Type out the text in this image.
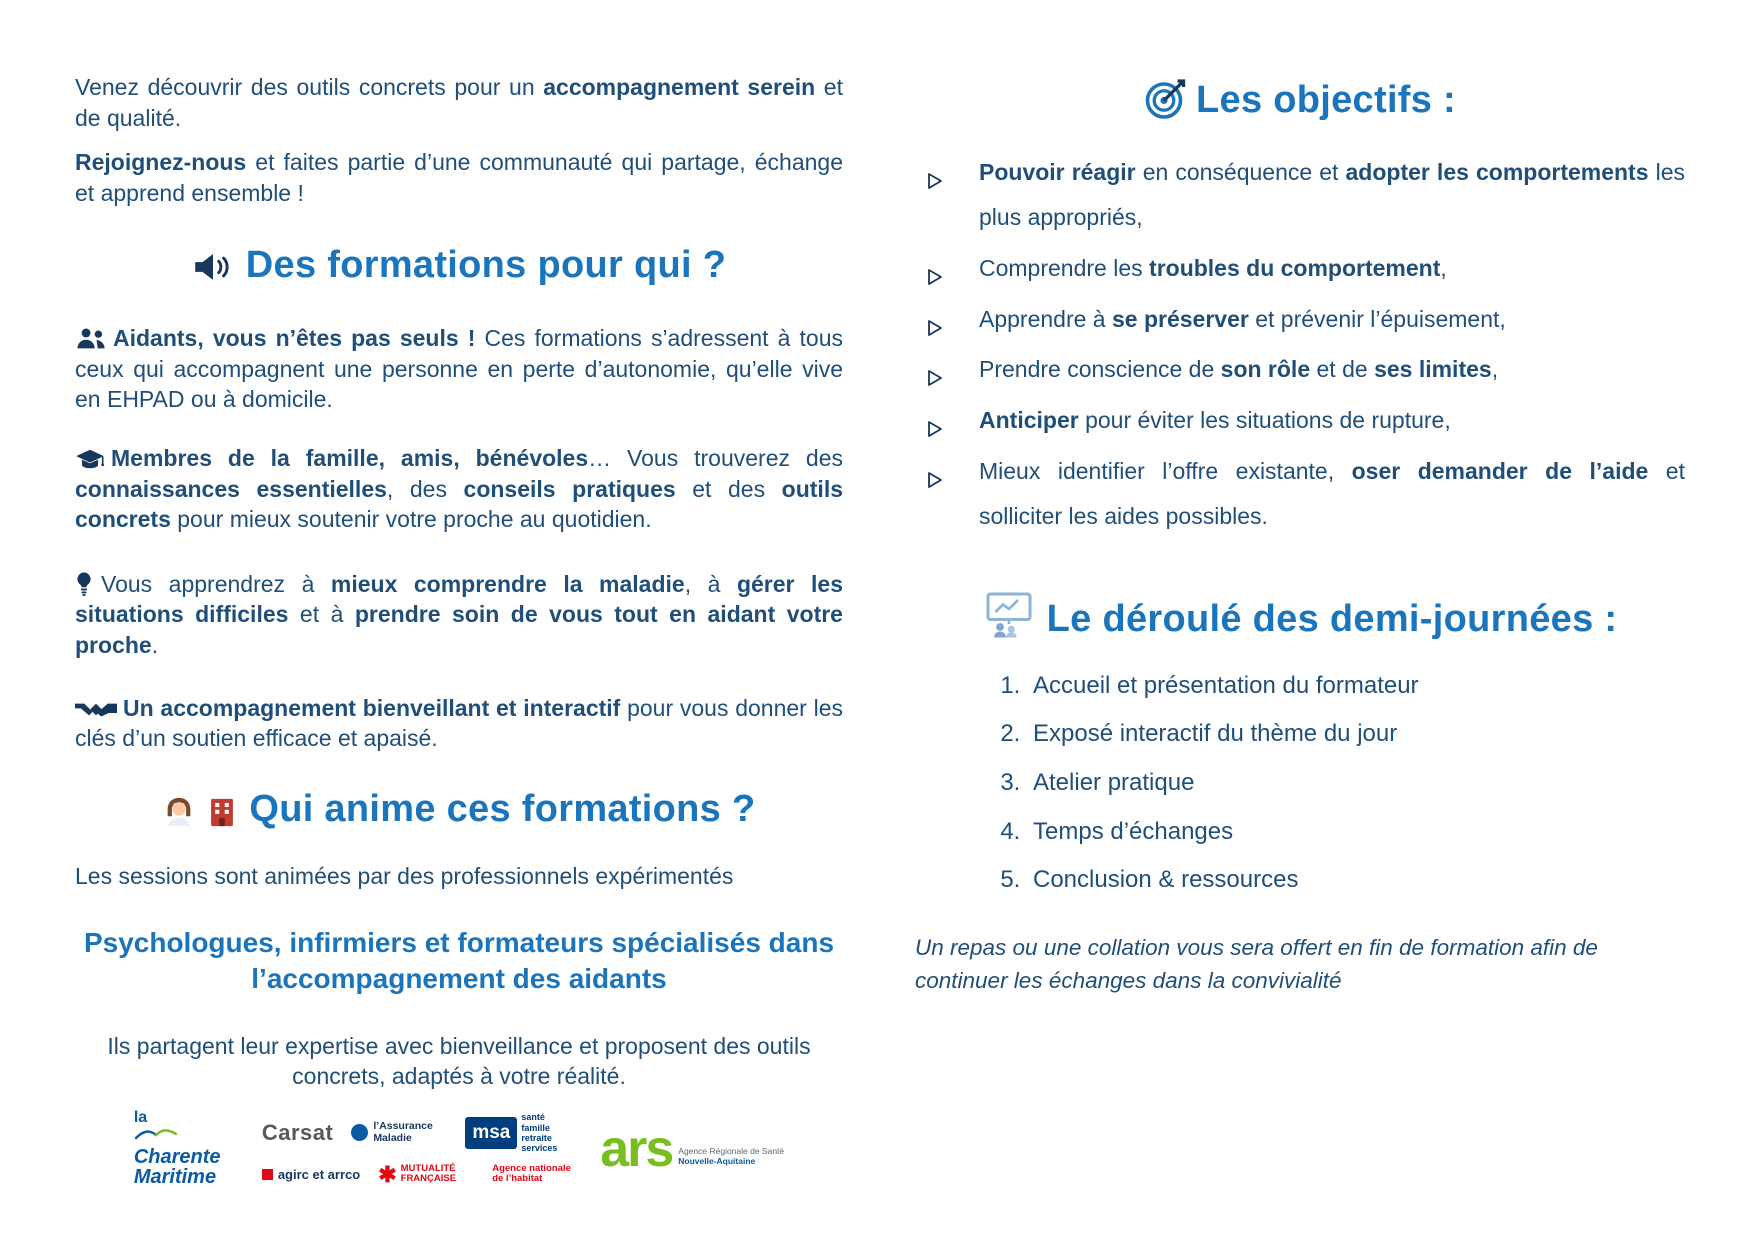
Venez découvrir des outils concrets pour un accompagnement serein et de qualité.

Rejoignez-nous et faites partie d’une communauté qui partage, échange et apprend ensemble !

Des formations pour qui ?

Aidants, vous n’êtes pas seuls ! Ces formations s’adressent à tous ceux qui accompagnent une personne en perte d’autonomie, qu’elle vive en EHPAD ou à domicile.

Membres de la famille, amis, bénévoles… Vous trouverez des connaissances essentielles, des conseils pratiques et des outils concrets pour mieux soutenir votre proche au quotidien.

Vous apprendrez à mieux comprendre la maladie, à gérer les situations difficiles et à prendre soin de vous tout en aidant votre proche.

Un accompagnement bienveillant et interactif pour vous donner les clés d’un soutien efficace et apaisé.

Qui anime ces formations ?

Les sessions sont animées par des professionnels expérimentés

Psychologues, infirmiers et formateurs spécialisés dans l’accompagnement des aidants

Ils partagent leur expertise avec bienveillance et proposent des outils concrets, adaptés à votre réalité.

la
Charente
Maritime
Carsat	l’Assurance Maladie	msa
santé famille retraite services
agirc et arrco ✱ MUTUALITÉ FRANÇAISE
Agence nationale de l’habitat
ars Agence Régionale de Santé
Nouvelle-Aquitaine
Les objectifs :
Pouvoir réagir en conséquence et adopter les comportements les plus appropriés,
Comprendre les troubles du comportement,
Apprendre à se préserver et prévenir l’épuisement,
Prendre conscience de son rôle et de ses limites,
Anticiper pour éviter les situations de rupture,
Mieux identifier l’offre existante, oser demander de l’aide et solliciter les aides possibles.
Le déroulé des demi-journées :
1. Accueil et présentation du formateur
2. Exposé interactif du thème du jour
3. Atelier pratique
4. Temps d’échanges
5. Conclusion & ressources

Un repas ou une collation vous sera offert en fin de formation afin de continuer les échanges dans la convivialité
